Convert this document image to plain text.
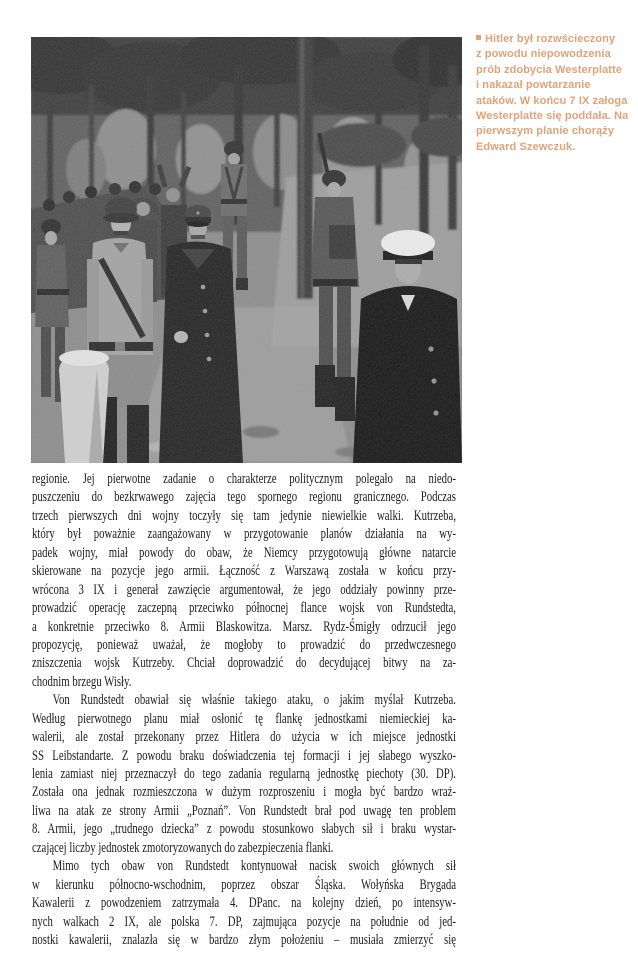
Hitler był rozwścieczony
z powodu niepowodzenia
prób zdobycia Westerplatte
i nakazał powtarzanie
ataków. W końcu 7 IX załoga
Westerplatte się poddała. Na
pierwszym planie chorąży
Edward Szewczuk.
regionie. Jej pierwotne zadanie o charakterze politycznym polegało na niedo-
puszczeniu do bezkrwawego zajęcia tego spornego regionu granicznego. Podczas
trzech pierwszych dni wojny toczyły się tam jedynie niewielkie walki. Kutrzeba,
który był poważnie zaangażowany w przygotowanie planów działania na wy-
padek wojny, miał powody do obaw, że Niemcy przygotowują główne natarcie
skierowane na pozycje jego armii. Łączność z Warszawą została w końcu przy-
wrócona 3 IX i generał zawzięcie argumentował, że jego oddziały powinny prze-
prowadzić operację zaczepną przeciwko północnej flance wojsk von Rundstedta,
a konkretnie przeciwko 8. Armii Blaskowitza. Marsz. Rydz-Śmigły odrzucił jego
propozycję, ponieważ uważał, że mogłoby to prowadzić do przedwczesnego
zniszczenia wojsk Kutrzeby. Chciał doprowadzić do decydującej bitwy na za-
chodnim brzegu Wisły.
Von Rundstedt obawiał się właśnie takiego ataku, o jakim myślał Kutrzeba.
Według pierwotnego planu miał osłonić tę flankę jednostkami niemieckiej ka-
walerii, ale został przekonany przez Hitlera do użycia w ich miejsce jednostki
SS Leibstandarte. Z powodu braku doświadczenia tej formacji i jej słabego wyszko-
lenia zamiast niej przeznaczył do tego zadania regularną jednostkę piechoty (30. DP).
Została ona jednak rozmieszczona w dużym rozproszeniu i mogła być bardzo wraż-
liwa na atak ze strony Armii „Poznań”. Von Rundstedt brał pod uwagę ten problem
8. Armii, jego „trudnego dziecka” z powodu stosunkowo słabych sił i braku wystar-
czającej liczby jednostek zmotoryzowanych do zabezpieczenia flanki.
Mimo tych obaw von Rundstedt kontynuował nacisk swoich głównych sił
w kierunku północno-wschodnim, poprzez obszar Śląska. Wołyńska Brygada
Kawalerii z powodzeniem zatrzymała 4. DPanc. na kolejny dzień, po intensyw-
nych walkach 2 IX, ale polska 7. DP, zajmująca pozycje na południe od jed-
nostki kawalerii, znalazła się w bardzo złym położeniu – musiała zmierzyć się
